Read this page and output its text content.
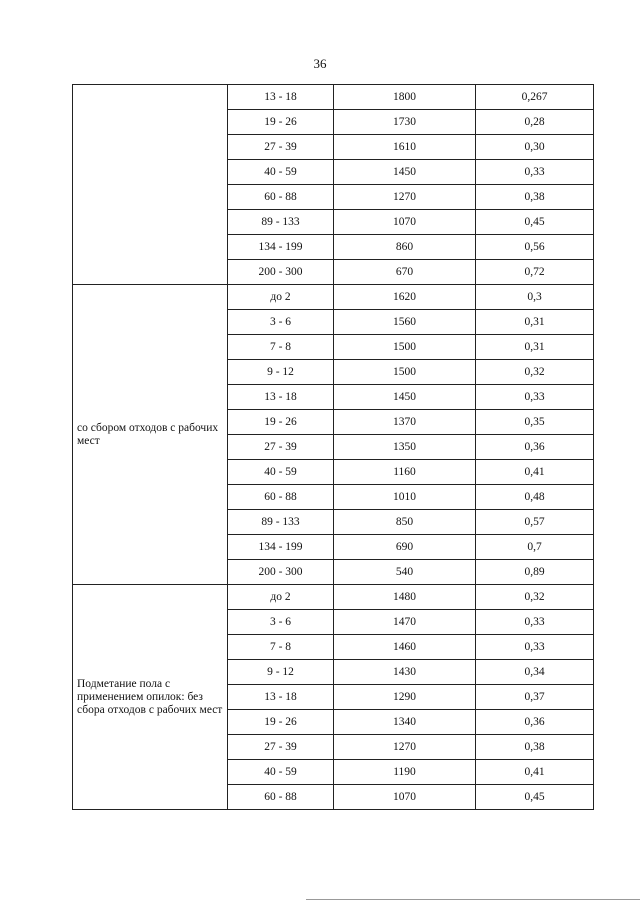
36
	13 - 18	1800	0,267
	19 - 26	1730	0,28
	27 - 39	1610	0,30
	40 - 59	1450	0,33
	60 - 88	1270	0,38
	89 - 133	1070	0,45
	134 - 199	860	0,56
	200 - 300	670	0,72
со сбором отходов с рабочих мест	до 2	1620	0,3
	3 - 6	1560	0,31
	7 - 8	1500	0,31
	9 - 12	1500	0,32
	13 - 18	1450	0,33
	19 - 26	1370	0,35
	27 - 39	1350	0,36
	40 - 59	1160	0,41
	60 - 88	1010	0,48
	89 - 133	850	0,57
	134 - 199	690	0,7
	200 - 300	540	0,89
Подметание пола с применением опилок: без сбора отходов с рабочих мест	до 2	1480	0,32
	3 - 6	1470	0,33
	7 - 8	1460	0,33
	9 - 12	1430	0,34
	13 - 18	1290	0,37
	19 - 26	1340	0,36
	27 - 39	1270	0,38
	40 - 59	1190	0,41
	60 - 88	1070	0,45
